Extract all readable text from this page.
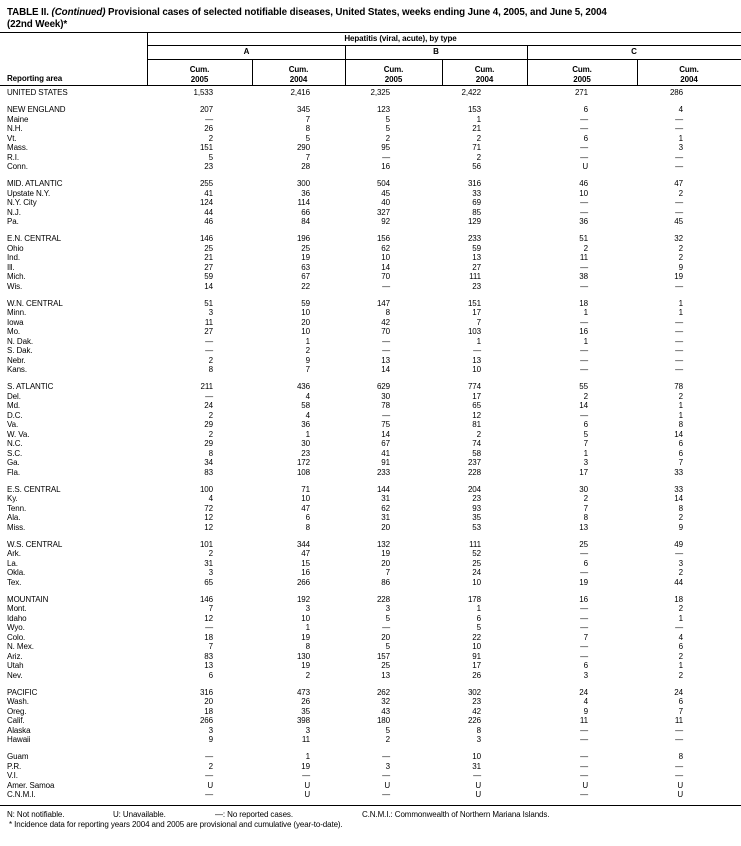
TABLE II. (Continued) Provisional cases of selected notifiable diseases, United States, weeks ending June 4, 2005, and June 5, 2004
(22nd Week)*
Hepatitis (viral, acute), by type
A	B	C
Cum.
2005
Cum.
2004
Cum.
2005
Cum.
2004
Cum.
2005
Cum.
2004
Reporting area
UNITED STATES	1,533	2,416	2,325	2,422	271	286
NEW ENGLAND	207	345	123	153	6	4
Maine	—	7	5	1	—	—
N.H.	26	8	5	21	—	—
Vt.	2	5	2	2	6	1
Mass.	151	290	95	71	—	3
R.I.	5	7	—	2	—	—
Conn.	23	28	16	56	U	—
MID. ATLANTIC	255	300	504	316	46	47
Upstate N.Y.	41	36	45	33	10	2
N.Y. City	124	114	40	69	—	—
N.J.	44	66	327	85	—	—
Pa.	46	84	92	129	36	45
E.N. CENTRAL	146	196	156	233	51	32
Ohio	25	25	62	59	2	2
Ind.	21	19	10	13	11	2
Ill.	27	63	14	27	—	9
Mich.	59	67	70	111	38	19
Wis.	14	22	—	23	—	—
W.N. CENTRAL	51	59	147	151	18	1
Minn.	3	10	8	17	1	1
Iowa	11	20	42	7	—	—
Mo.	27	10	70	103	16	—
N. Dak.	—	1	—	1	1	—
S. Dak.	—	2	—	—	—	—
Nebr.	2	9	13	13	—	—
Kans.	8	7	14	10	—	—
S. ATLANTIC	211	436	629	774	55	78
Del.	—	4	30	17	2	2
Md.	24	58	78	65	14	1
D.C.	2	4	—	12	—	1
Va.	29	36	75	81	6	8
W. Va.	2	1	14	2	5	14
N.C.	29	30	67	74	7	6
S.C.	8	23	41	58	1	6
Ga.	34	172	91	237	3	7
Fla.	83	108	233	228	17	33
E.S. CENTRAL	100	71	144	204	30	33
Ky.	4	10	31	23	2	14
Tenn.	72	47	62	93	7	8
Ala.	12	6	31	35	8	2
Miss.	12	8	20	53	13	9
W.S. CENTRAL	101	344	132	111	25	49
Ark.	2	47	19	52	—	—
La.	31	15	20	25	6	3
Okla.	3	16	7	24	—	2
Tex.	65	266	86	10	19	44
MOUNTAIN	146	192	228	178	16	18
Mont.	7	3	3	1	—	2
Idaho	12	10	5	6	—	1
Wyo.	—	1	—	5	—	—
Colo.	18	19	20	22	7	4
N. Mex.	7	8	5	10	—	6
Ariz.	83	130	157	91	—	2
Utah	13	19	25	17	6	1
Nev.	6	2	13	26	3	2
PACIFIC	316	473	262	302	24	24
Wash.	20	26	32	23	4	6
Oreg.	18	35	43	42	9	7
Calif.	266	398	180	226	11	11
Alaska	3	3	5	8	—	—
Hawaii	9	11	2	3	—	—
Guam	—	1	—	10	—	8
P.R.	2	19	3	31	—	—
V.I.	—	—	—	—	—	—
Amer. Samoa	U	U	U	U	U	U
C.N.M.I.	—	U	—	U	—	U
N: Not notifiable.	U: Unavailable.	—: No reported cases.	C.N.M.I.: Commonwealth of Northern Mariana Islands.
* Incidence data for reporting years 2004 and 2005 are provisional and cumulative (year-to-date).
